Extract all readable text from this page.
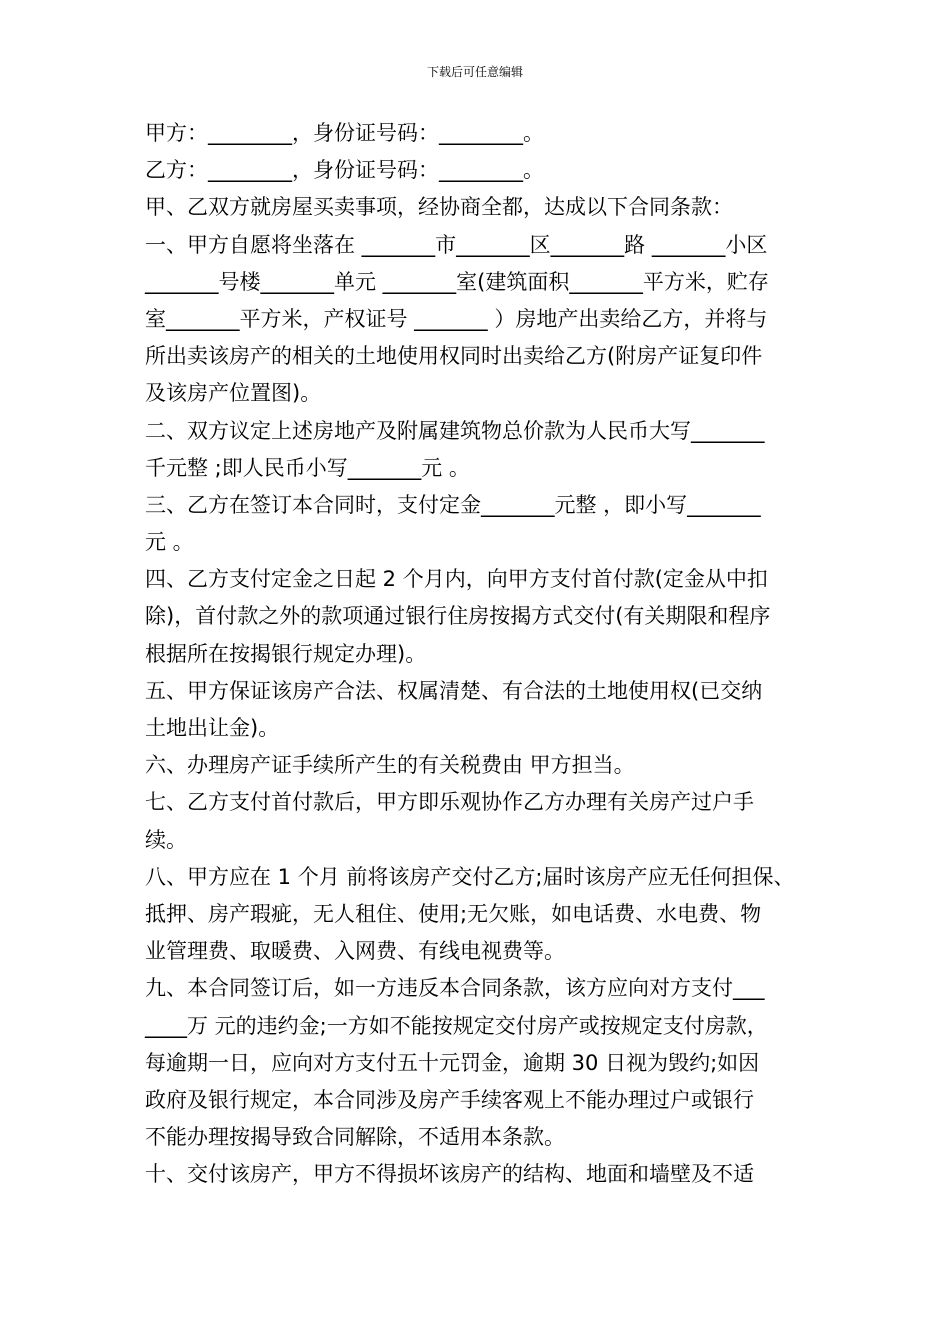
下载后可任意编辑
甲方：________，身份证号码：________。
乙方：________，身份证号码：________。
甲、乙双方就房屋买卖事项，经协商全都，达成以下合同条款：
一、甲方自愿将坐落在 _______市_______区_______路 _______小区
_______号楼_______单元 _______室(建筑面积_______平方米，贮存
室_______平方米，产权证号 _______ ）房地产出卖给乙方，并将与
所出卖该房产的相关的土地使用权同时出卖给乙方(附房产证复印件
及该房产位置图)。
二、双方议定上述房地产及附属建筑物总价款为人民币大写_______
千元整 ;即人民币小写_______元 。
三、乙方在签订本合同时，支付定金_______元整 ，即小写_______
元 。
四、乙方支付定金之日起 2 个月内，向甲方支付首付款(定金从中扣
除)，首付款之外的款项通过银行住房按揭方式交付(有关期限和程序
根据所在按揭银行规定办理)。
五、甲方保证该房产合法、权属清楚、有合法的土地使用权(已交纳
土地出让金)。
六、办理房产证手续所产生的有关税费由 甲方担当。
七、乙方支付首付款后，甲方即乐观协作乙方办理有关房产过户手
续。
八、甲方应在 1 个月 前将该房产交付乙方;届时该房产应无任何担保、
抵押、房产瑕疵，无人租住、使用;无欠账，如电话费、水电费、物
业管理费、取暖费、入网费、有线电视费等。
九、本合同签订后，如一方违反本合同条款，该方应向对方支付___
____万 元的违约金;一方如不能按规定交付房产或按规定支付房款，
每逾期一日，应向对方支付五十元罚金，逾期 30 日视为毁约;如因
政府及银行规定，本合同涉及房产手续客观上不能办理过户或银行
不能办理按揭导致合同解除，不适用本条款。
十、交付该房产，甲方不得损坏该房产的结构、地面和墙壁及不适
